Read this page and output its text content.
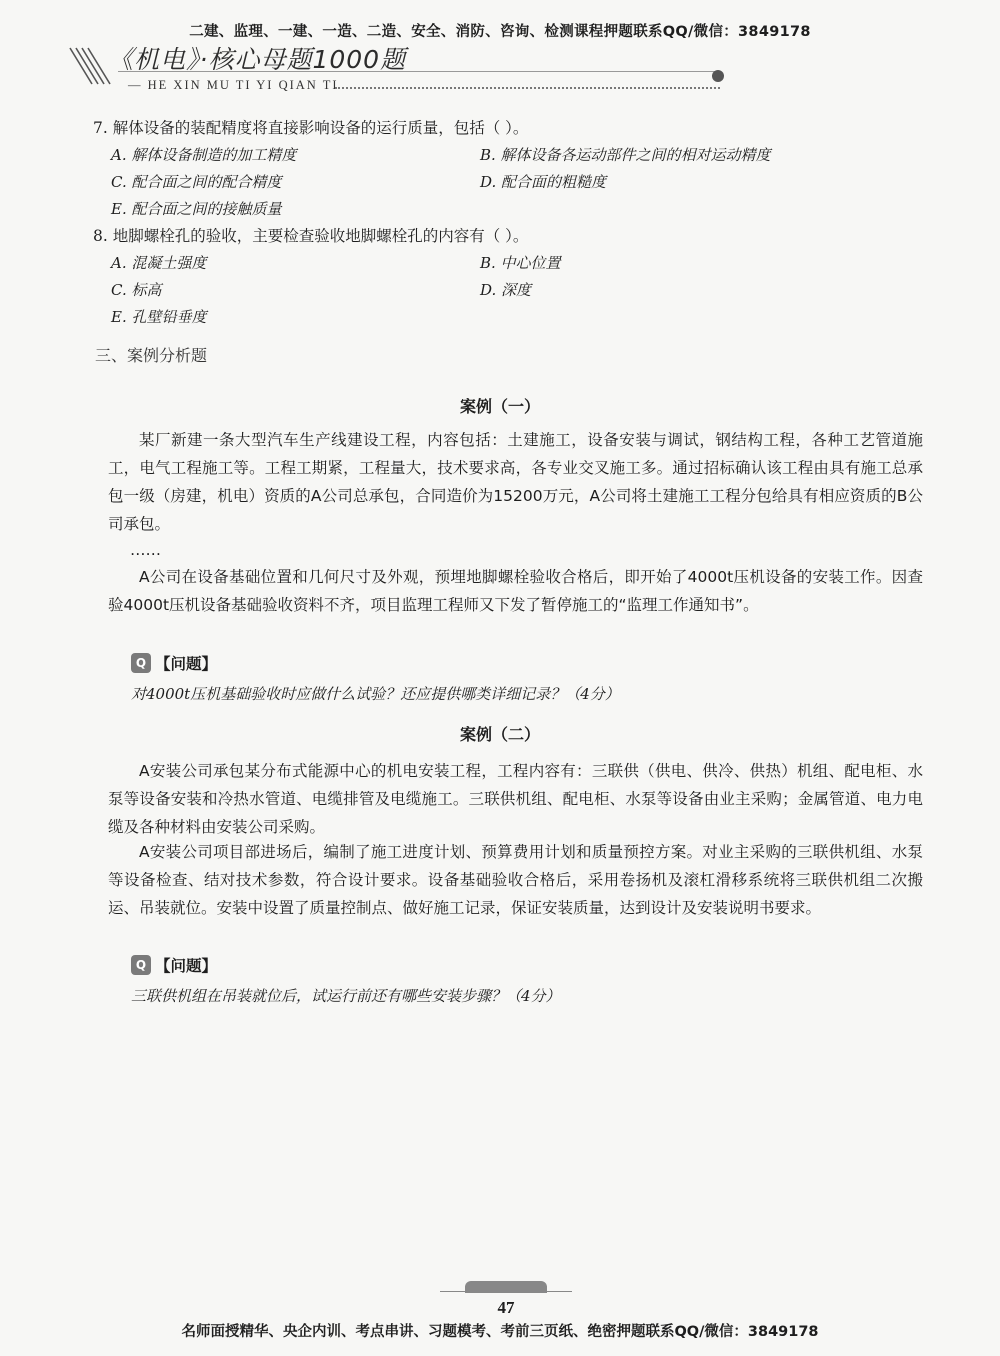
二建、监理、一建、一造、二造、安全、消防、咨询、检测课程押题联系QQ/微信：3849178
《机电》·核心母题1000题
— HE XIN MU TI YI QIAN TI
7. 解体设备的装配精度将直接影响设备的运行质量，包括（ ）。
A. 解体设备制造的加工精度	B. 解体设备各运动部件之间的相对运动精度
C. 配合面之间的配合精度	D. 配合面的粗糙度
E. 配合面之间的接触质量
8. 地脚螺栓孔的验收，主要检查验收地脚螺栓孔的内容有（ ）。
A. 混凝土强度	B. 中心位置
C. 标高	D. 深度
E. 孔壁铅垂度
三、案例分析题
案例（一）
某厂新建一条大型汽车生产线建设工程，内容包括：土建施工，设备安装与调试，钢结构工程，各种工艺管道施工，电气工程施工等。工程工期紧，工程量大，技术要求高，各专业交叉施工多。通过招标确认该工程由具有施工总承包一级（房建，机电）资质的A公司总承包，合同造价为15200万元，A公司将土建施工工程分包给具有相应资质的B公司承包。
……
A公司在设备基础位置和几何尺寸及外观，预埋地脚螺栓验收合格后，即开始了4000t压机设备的安装工作。因查验4000t压机设备基础验收资料不齐，项目监理工程师又下发了暂停施工的“监理工作通知书”。
Q 【问题】
对4000t压机基础验收时应做什么试验？还应提供哪类详细记录？（4分）
案例（二）
A安装公司承包某分布式能源中心的机电安装工程，工程内容有：三联供（供电、供冷、供热）机组、配电柜、水泵等设备安装和冷热水管道、电缆排管及电缆施工。三联供机组、配电柜、水泵等设备由业主采购；金属管道、电力电缆及各种材料由安装公司采购。
A安装公司项目部进场后，编制了施工进度计划、预算费用计划和质量预控方案。对业主采购的三联供机组、水泵等设备检查、结对技术参数，符合设计要求。设备基础验收合格后，采用卷扬机及滚杠滑移系统将三联供机组二次搬运、吊装就位。安装中设置了质量控制点、做好施工记录，保证安装质量，达到设计及安装说明书要求。
Q 【问题】
三联供机组在吊装就位后，试运行前还有哪些安装步骤？（4分）
47
名师面授精华、央企内训、考点串讲、习题模考、考前三页纸、绝密押题联系QQ/微信：3849178
